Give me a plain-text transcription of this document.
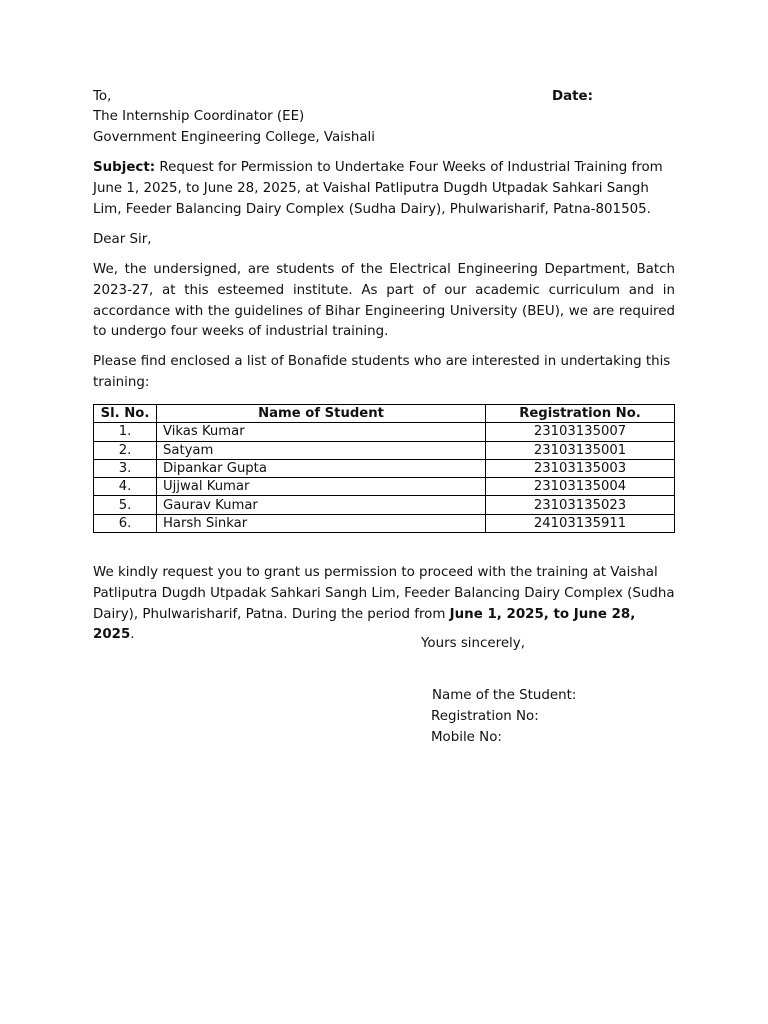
To,	Date:
The Internship Coordinator (EE)
Government Engineering College, Vaishali
Subject: Request for Permission to Undertake Four Weeks of Industrial Training from June 1, 2025, to June 28, 2025, at Vaishal Patliputra Dugdh Utpadak Sahkari Sangh Lim, Feeder Balancing Dairy Complex (Sudha Dairy), Phulwarisharif, Patna-801505.
Dear Sir,
We, the undersigned, are students of the Electrical Engineering Department, Batch 2023-27, at this esteemed institute. As part of our academic curriculum and in accordance with the guidelines of Bihar Engineering University (BEU), we are required to undergo four weeks of industrial training.
Please find enclosed a list of Bonafide students who are interested in undertaking this training:
Sl. No.	Name of Student	Registration No.
1.	Vikas Kumar	23103135007
2.	Satyam	23103135001
3.	Dipankar Gupta	23103135003
4.	Ujjwal Kumar	23103135004
5.	Gaurav Kumar	23103135023
6.	Harsh Sinkar	24103135911
We kindly request you to grant us permission to proceed with the training at Vaishal Patliputra Dugdh Utpadak Sahkari Sangh Lim, Feeder Balancing Dairy Complex (Sudha Dairy), Phulwarisharif, Patna. During the period from June 1, 2025, to June 28, 2025.
Yours sincerely,
Name of the Student:
Registration No:
Mobile No:
